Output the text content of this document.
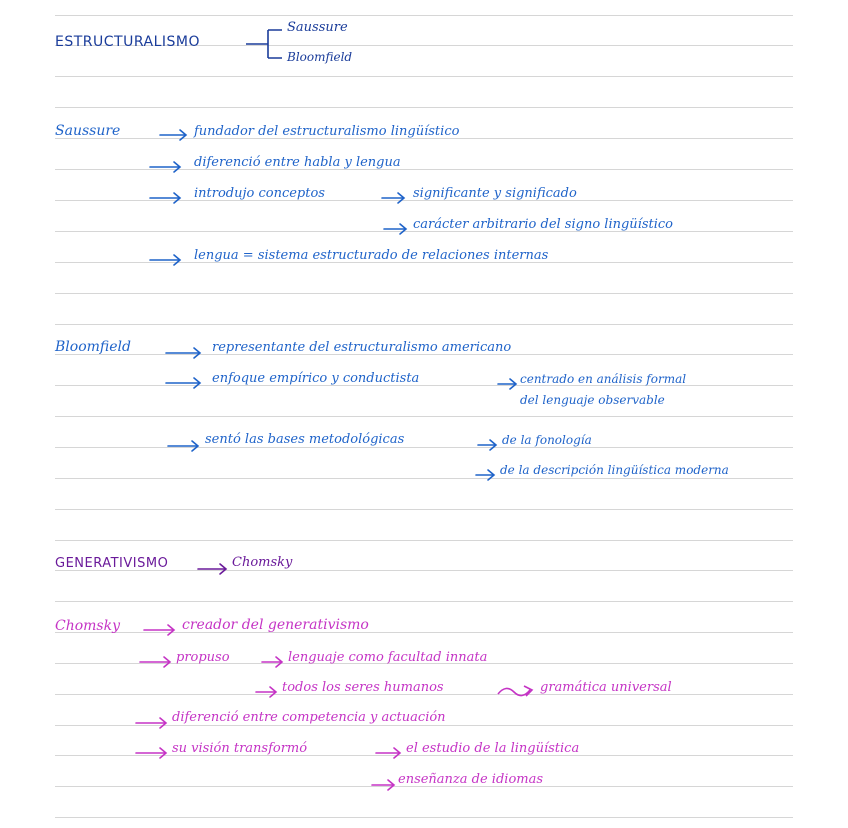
ESTRUCTURALISMO
Saussure
Bloomfield
Saussure	fundador del estructuralismo lingüístico
diferenció entre habla y lengua
introdujo conceptos	significante y significado
carácter arbitrario del signo lingüístico
lengua = sistema estructurado de relaciones internas
Bloomfield	representante del estructuralismo americano
enfoque empírico y conductista	centrado en análisis formal
del lenguaje observable
sentó las bases metodológicas	de la fonología
de la descripción lingüística moderna
GENERATIVISMO	Chomsky
Chomsky	creador del generativismo
propuso	lenguaje como facultad innata
todos los seres humanos	gramática universal
diferenció entre competencia y actuación
su visión transformó	el estudio de la lingüística
enseñanza de idiomas
